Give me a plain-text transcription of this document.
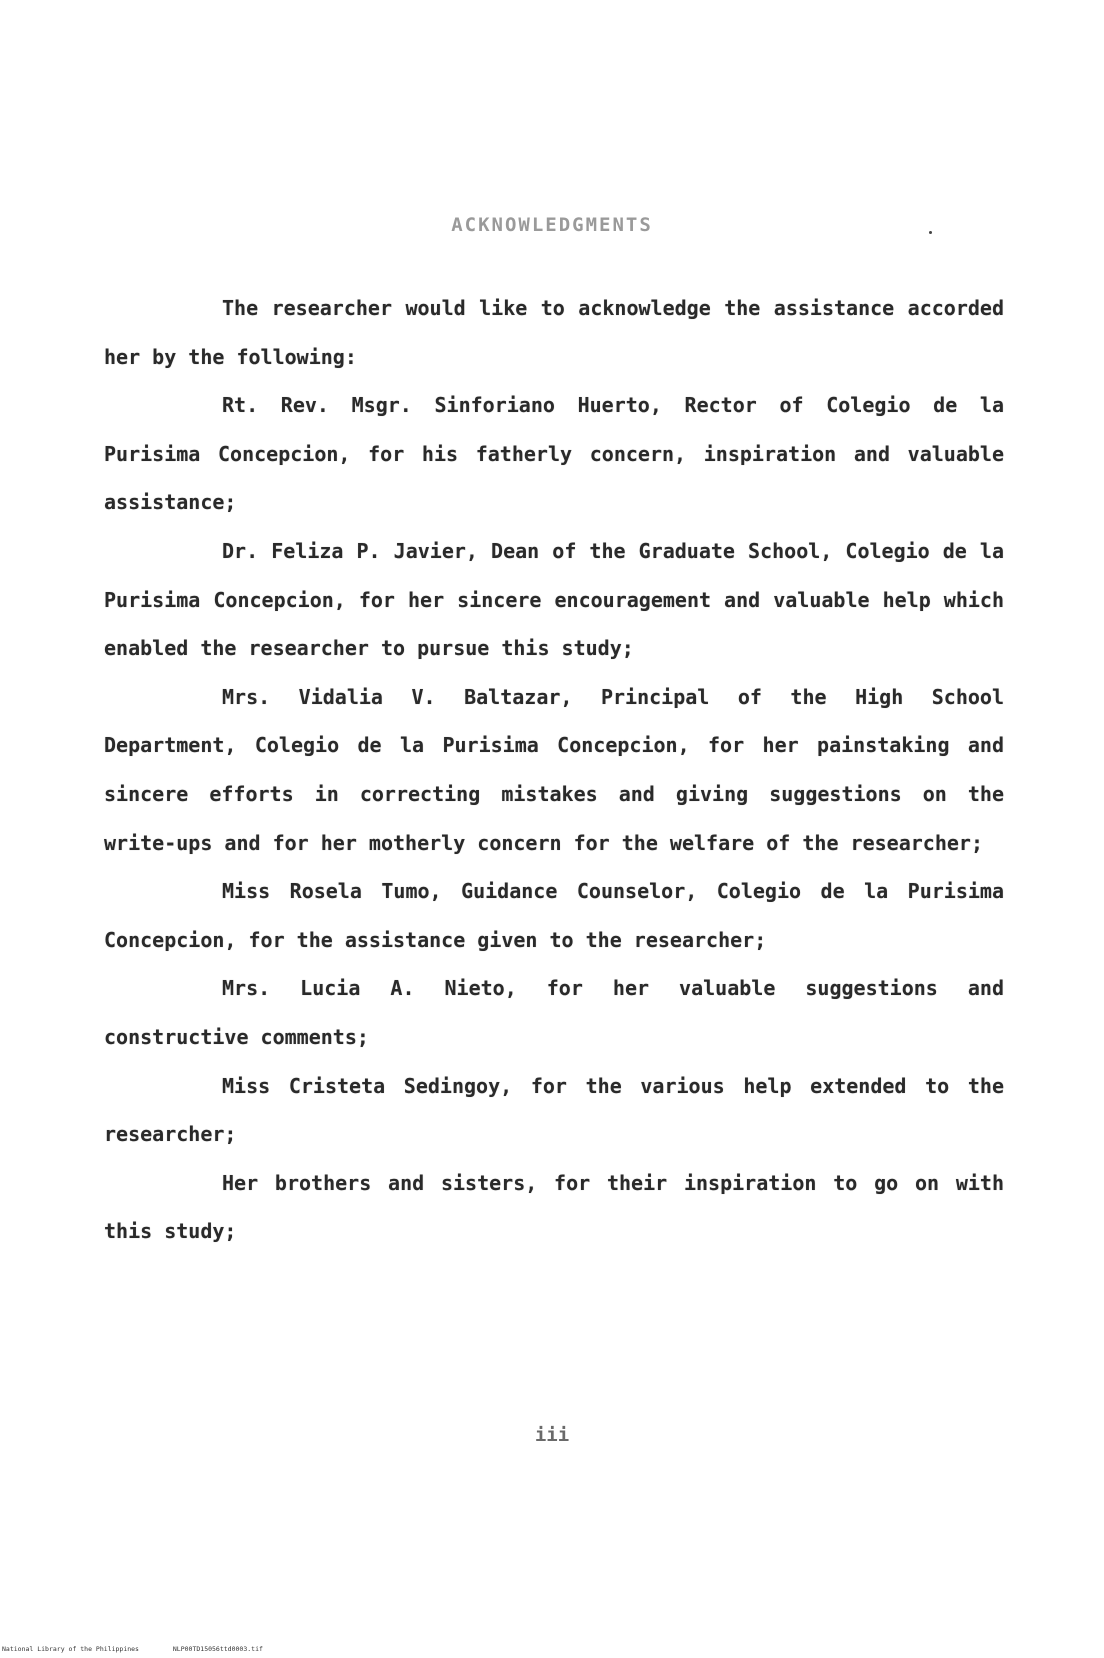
ACKNOWLEDGMENTS

The researcher would like to acknowledge the assistance accorded her by the following:

Rt. Rev. Msgr. Sinforiano Huerto, Rector of Colegio de la Purisima Concepcion, for his fatherly concern, inspiration and valuable assistance;

Dr. Feliza P. Javier, Dean of the Graduate School, Colegio de la Purisima Concepcion, for her sincere encouragement and valuable help which enabled the researcher to pursue this study;

Mrs. Vidalia V. Baltazar, Principal of the High School Department, Colegio de la Purisima Concepcion, for her painstaking and sincere efforts in correcting mistakes and giving suggestions on the write-ups and for her motherly concern for the welfare of the researcher;

Miss Rosela Tumo, Guidance Counselor, Colegio de la Purisima Concepcion, for the assistance given to the researcher;

Mrs. Lucia A. Nieto, for her valuable suggestions and constructive comments;

Miss Cristeta Sedingoy, for the various help extended to the researcher;

Her brothers and sisters, for their inspiration to go on with this study;

iii
National Library of the Philippines	NLP00TD15056ttd0003.tif
